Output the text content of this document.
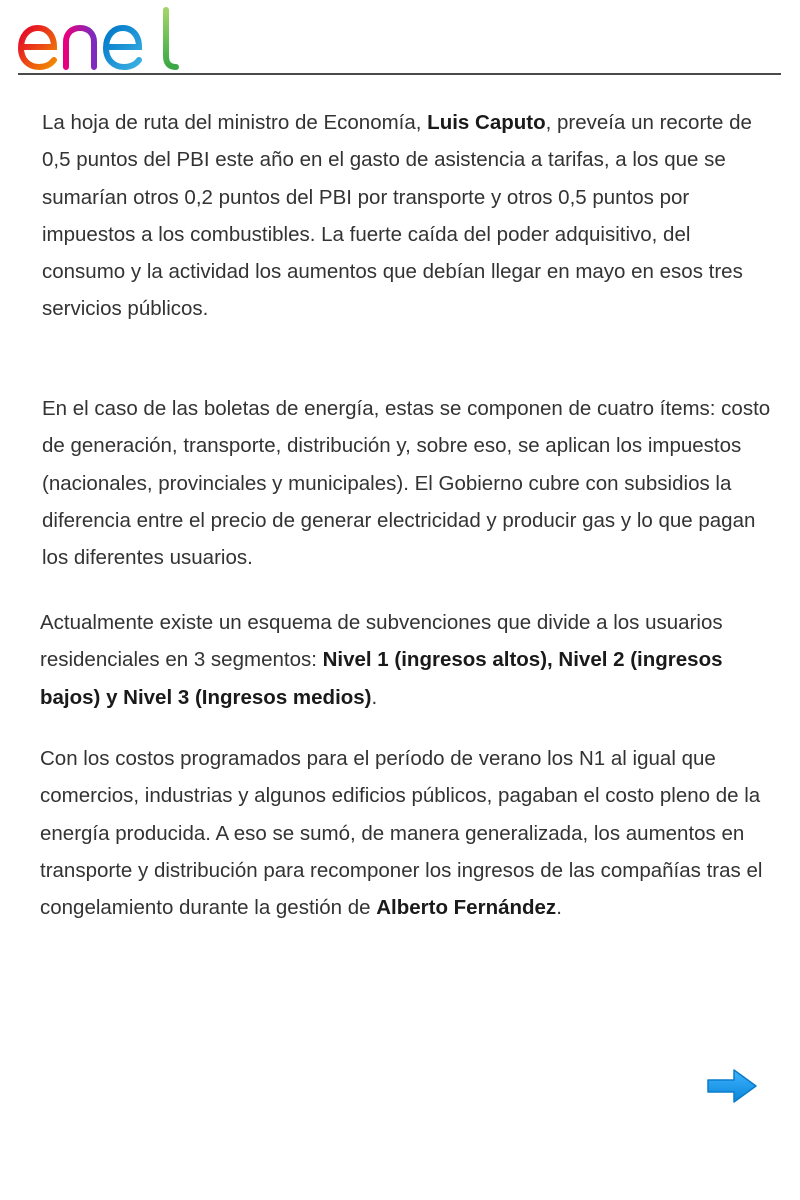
La hoja de ruta del ministro de Economía, Luis Caputo, preveía un recorte de 0,5 puntos del PBI este año en el gasto de asistencia a tarifas, a los que se sumarían otros 0,2 puntos del PBI por transporte y otros 0,5 puntos por impuestos a los combustibles. La fuerte caída del poder adquisitivo, del consumo y la actividad los aumentos que debían llegar en mayo en esos tres servicios públicos.

En el caso de las boletas de energía, estas se componen de cuatro ítems: costo de generación, transporte, distribución y, sobre eso, se aplican los impuestos (nacionales, provinciales y municipales). El Gobierno cubre con subsidios la diferencia entre el precio de generar electricidad y producir gas y lo que pagan los diferentes usuarios.

Actualmente existe un esquema de subvenciones que divide a los usuarios residenciales en 3 segmentos: Nivel 1 (ingresos altos), Nivel 2 (ingresos bajos) y Nivel 3 (Ingresos medios).

Con los costos programados para el período de verano los N1 al igual que comercios, industrias y algunos edificios públicos, pagaban el costo pleno de la energía producida. A eso se sumó, de manera generalizada, los aumentos en transporte y distribución para recomponer los ingresos de las compañías tras el congelamiento durante la gestión de Alberto Fernández.
